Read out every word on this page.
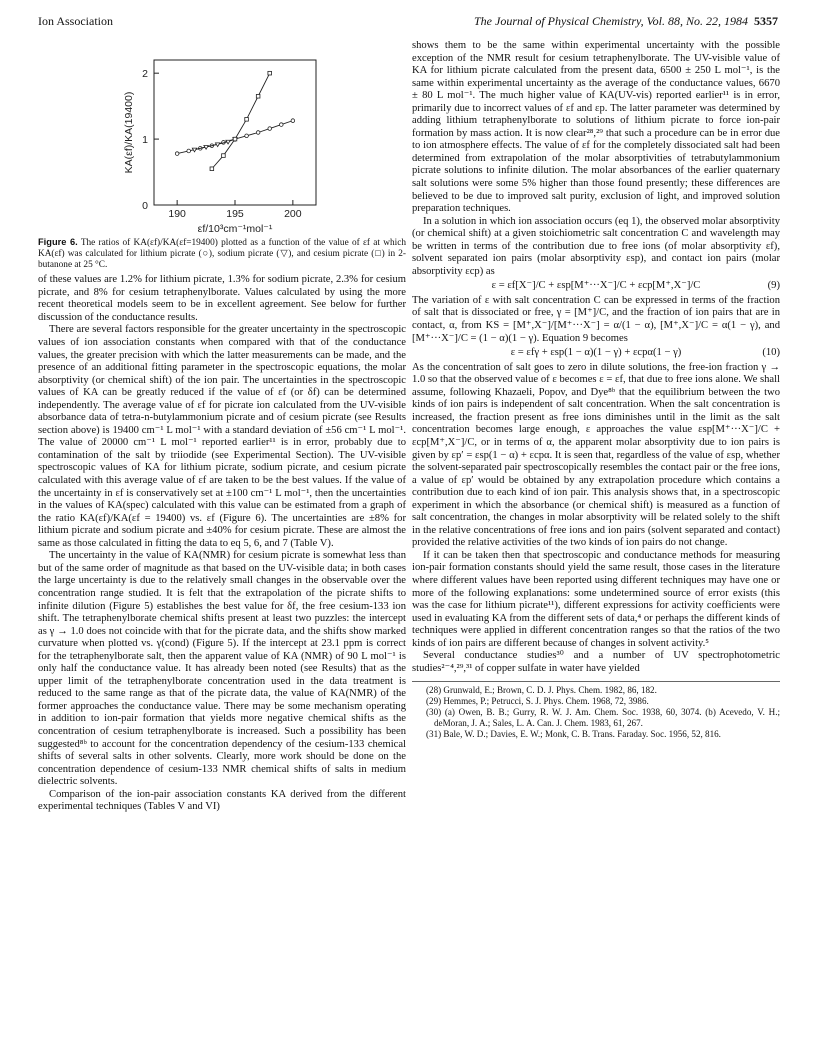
Ion Association	The Journal of Physical Chemistry, Vol. 88, No. 22, 1984 5357
190	195	200
0
1
2
εf/10³cm⁻¹mol⁻¹
KA(εf)/KA(19400)
Figure 6. The ratios of KA(εf)/KA(εf=19400) plotted as a function of the value of εf at which KA(εf) was calculated for lithium picrate (○), sodium picrate (▽), and cesium picrate (□) in 2-butanone at 25 °C.

of these values are 1.2% for lithium picrate, 1.3% for sodium picrate, 2.3% for cesium picrate, and 8% for cesium tetraphenylborate. Values calculated by using the more recent theoretical models seem to be in excellent agreement. See below for further discussion of the conductance results.

There are several factors responsible for the greater uncertainty in the spectroscopic values of ion association constants when compared with that of the conductance values, the greater precision with which the latter measurements can be made, and the presence of an additional fitting parameter in the spectroscopic equations, the molar absorptivity (or chemical shift) of the ion pair. The uncertainties in the spectroscopic values of KA can be greatly reduced if the value of εf (or δf) can be determined independently. The average value of εf for picrate ion calculated from the UV-visible absorbance data of tetra-n-butylammonium picrate and of cesium picrate (see Results section above) is 19400 cm⁻¹ L mol⁻¹ with a standard deviation of ±56 cm⁻¹ L mol⁻¹. The value of 20000 cm⁻¹ L mol⁻¹ reported earlier¹¹ is in error, probably due to contamination of the salt by triiodide (see Experimental Section). The UV-visible spectroscopic values of KA for lithium picrate, sodium picrate, and cesium picrate calculated with this average value of εf are taken to be the best values. If the value of the uncertainty in εf is conservatively set at ±100 cm⁻¹ L mol⁻¹, then the uncertainties in the values of KA(spec) calculated with this value can be estimated from a graph of the ratio KA(εf)/KA(εf = 19400) vs. εf (Figure 6). The uncertainties are ±8% for lithium picrate and sodium picrate and ±40% for cesium picrate. These are almost the same as those calculated in fitting the data to eq 5, 6, and 7 (Table V).

The uncertainty in the value of KA(NMR) for cesium picrate is somewhat less than but of the same order of magnitude as that based on the UV-visible data; in both cases the large uncertainty is due to the relatively small changes in the observable over the concentration range studied. It is felt that the extrapolation of the picrate shifts to infinite dilution (Figure 5) establishes the best value for δf, the free cesium-133 ion shift. The tetraphenylborate chemical shifts present at least two puzzles: the intercept as γ → 1.0 does not coincide with that for the picrate data, and the shifts show marked curvature when plotted vs. γ(cond) (Figure 5). If the intercept at 23.1 ppm is correct for the tetraphenylborate salt, then the apparent value of KA (NMR) of 90 L mol⁻¹ is only half the conductance value. It has already been noted (see Results) that as the upper limit of the tetraphenylborate concentration used in the data treatment is reduced to the same range as that of the picrate data, the value of KA(NMR) of the former approaches the conductance value. There may be some mechanism operating in addition to ion-pair formation that yields more negative chemical shifts as the concentration of cesium tetraphenylborate is increased. Such a possibility has been suggested⁸ᵇ to account for the concentration dependency of the cesium-133 chemical shifts of several salts in other solvents. Clearly, more work should be done on the concentration dependence of cesium-133 NMR chemical shifts of salts in medium dielectric solvents.

Comparison of the ion-pair association constants KA derived from the different experimental techniques (Tables V and VI)

shows them to be the same within experimental uncertainty with the possible exception of the NMR result for cesium tetraphenylborate. The UV-visible value of KA for lithium picrate calculated from the present data, 6500 ± 250 L mol⁻¹, is the same within experimental uncertainty as the average of the conductance values, 6670 ± 80 L mol⁻¹. The much higher value of KA(UV-vis) reported earlier¹¹ is in error, primarily due to incorrect values of εf and εp. The latter parameter was determined by adding lithium tetraphenylborate to solutions of lithium picrate to force ion-pair formation by mass action. It is now clear²⁸,²⁹ that such a procedure can be in error due to ion atmosphere effects. The value of εf for the completely dissociated salt had been determined from extrapolation of the molar absorptivities of tetrabutylammonium picrate solutions to infinite dilution. The molar absorbances of the earlier quaternary salt solutions were some 5% higher than those found presently; these differences are believed to be due to improved salt purity, exclusion of light, and improved solution preparation techniques.

In a solution in which ion association occurs (eq 1), the observed molar absorptivity (or chemical shift) at a given stoichiometric salt concentration C and wavelength may be written in terms of the contribution due to free ions (of molar absorptivity εf), solvent separated ion pairs (molar absorptivity εsp), and contact ion pairs (molar absorptivity εcp) as

ε = εf[X⁻]/C + εsp[M⁺···X⁻]/C + εcp[M⁺,X⁻]/C	(9)

The variation of ε with salt concentration C can be expressed in terms of the fraction of salt that is dissociated or free, γ = [M⁺]/C, and the fraction of ion pairs that are in contact, α, from KS = [M⁺,X⁻]/[M⁺···X⁻] = α/(1 − α), [M⁺,X⁻]/C = α(1 − γ), and [M⁺···X⁻]/C = (1 − α)(1 − γ). Equation 9 becomes

ε = εfγ + εsp(1 − α)(1 − γ) + εcpα(1 − γ)	(10)

As the concentration of salt goes to zero in dilute solutions, the free-ion fraction γ → 1.0 so that the observed value of ε becomes ε = εf, that due to free ions alone. We shall assume, following Khazaeli, Popov, and Dye⁸ᵇ that the equilibrium between the two kinds of ion pairs is independent of salt concentration. When the salt concentration is increased, the fraction present as free ions diminishes until in the limit as the salt concentration becomes large enough, ε approaches the value εsp[M⁺···X⁻]/C + εcp[M⁺,X⁻]/C, or in terms of α, the apparent molar absorptivity due to ion pairs is given by εp′ = εsp(1 − α) + εcpα. It is seen that, regardless of the value of εsp, whether the solvent-separated pair spectroscopically resembles the contact pair or the free ions, a value of εp′ would be obtained by any extrapolation procedure which contains a contribution due to each kind of ion pair. This analysis shows that, in a spectroscopic experiment in which the absorbance (or chemical shift) is measured as a function of salt concentration, the changes in molar absorptivity will be related solely to the shift in the relative concentrations of free ions and ion pairs (solvent separated and contact) provided the relative activities of the two kinds of ion pairs do not change.

If it can be taken then that spectroscopic and conductance methods for measuring ion-pair formation constants should yield the same result, those cases in the literature where different values have been reported using different techniques may have one or more of the following explanations: some undetermined source of error exists (this was the case for lithium picrate¹¹), different expressions for activity coefficients were used in evaluating KA from the different sets of data,⁴ or perhaps the different kinds of techniques were applied in different concentration ranges so that the ratios of the two kinds of ion pairs are different because of changes in solvent activity.⁵

Several conductance studies³⁰ and a number of UV spectrophotometric studies²⁻⁴,²⁹,³¹ of copper sulfate in water have yielded

(28) Grunwald, E.; Brown, C. D. J. Phys. Chem. 1982, 86, 182.
(29) Hemmes, P.; Petrucci, S. J. Phys. Chem. 1968, 72, 3986.
(30) (a) Owen, B. B.; Gurry, R. W. J. Am. Chem. Soc. 1938, 60, 3074. (b) Acevedo, V. H.; deMoran, J. A.; Sales, L. A. Can. J. Chem. 1983, 61, 267.
(31) Bale, W. D.; Davies, E. W.; Monk, C. B. Trans. Faraday. Soc. 1956, 52, 816.
